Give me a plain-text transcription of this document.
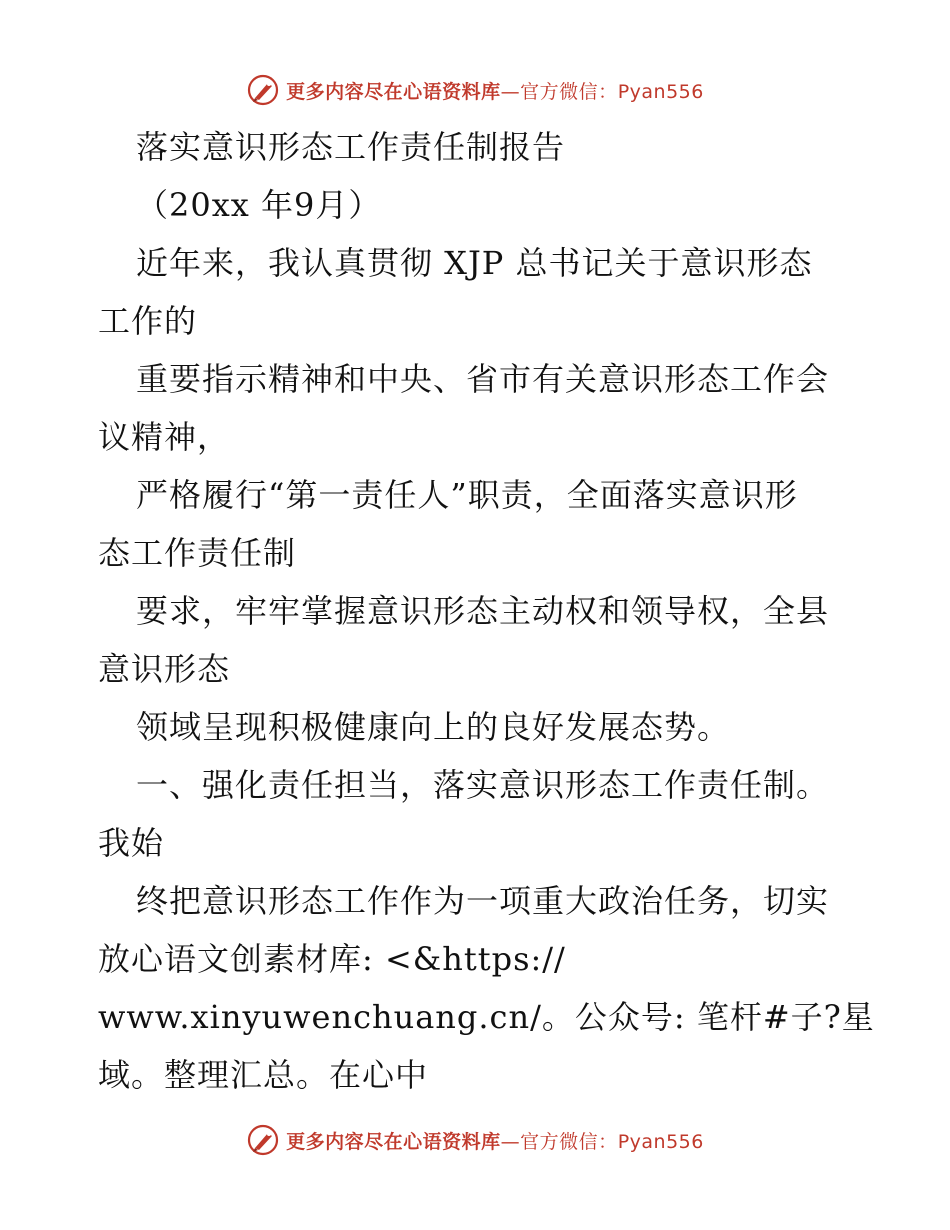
更多内容尽在心语资料库—官方微信：Pyan556
落实意识形态工作责任制报告
（20xx 年9月）
近年来，我认真贯彻 XJP 总书记关于意识形态
工作的
重要指示精神和中央、省市有关意识形态工作会
议精神，
严格履行“第一责任人”职责，全面落实意识形
态工作责任制
要求，牢牢掌握意识形态主动权和领导权，全县
意识形态
领域呈现积极健康向上的良好发展态势。
一、强化责任担当，落实意识形态工作责任制。
我始
终把意识形态工作作为一项重大政治任务，切实
放心语文创素材库: <&https://
www.xinyuwenchuang.cn/。公众号: 笔杆#子?星
域。整理汇总。在心中
更多内容尽在心语资料库—官方微信：Pyan556
